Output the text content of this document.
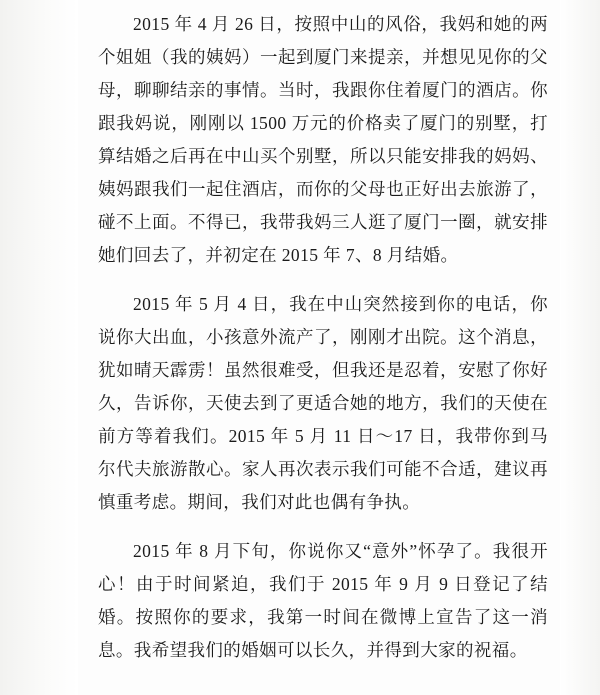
2015 年 4 月 26 日，按照中山的风俗，我妈和她的两个姐姐（我的姨妈）一起到厦门来提亲，并想见见你的父母，聊聊结亲的事情。当时，我跟你住着厦门的酒店。你跟我妈说，刚刚以 1500 万元的价格卖了厦门的别墅，打算结婚之后再在中山买个别墅，所以只能安排我的妈妈、姨妈跟我们一起住酒店，而你的父母也正好出去旅游了，碰不上面。不得已，我带我妈三人逛了厦门一圈，就安排她们回去了，并初定在 2015 年 7、8 月结婚。

2015 年 5 月 4 日，我在中山突然接到你的电话，你说你大出血，小孩意外流产了，刚刚才出院。这个消息，犹如晴天霹雳！虽然很难受，但我还是忍着，安慰了你好久，告诉你，天使去到了更适合她的地方，我们的天使在前方等着我们。2015 年 5 月 11 日～17 日，我带你到马尔代夫旅游散心。家人再次表示我们可能不合适，建议再慎重考虑。期间，我们对此也偶有争执。

2015 年 8 月下旬，你说你又“意外”怀孕了。我很开心！由于时间紧迫，我们于 2015 年 9 月 9 日登记了结婚。按照你的要求，我第一时间在微博上宣告了这一消息。我希望我们的婚姻可以长久，并得到大家的祝福。
